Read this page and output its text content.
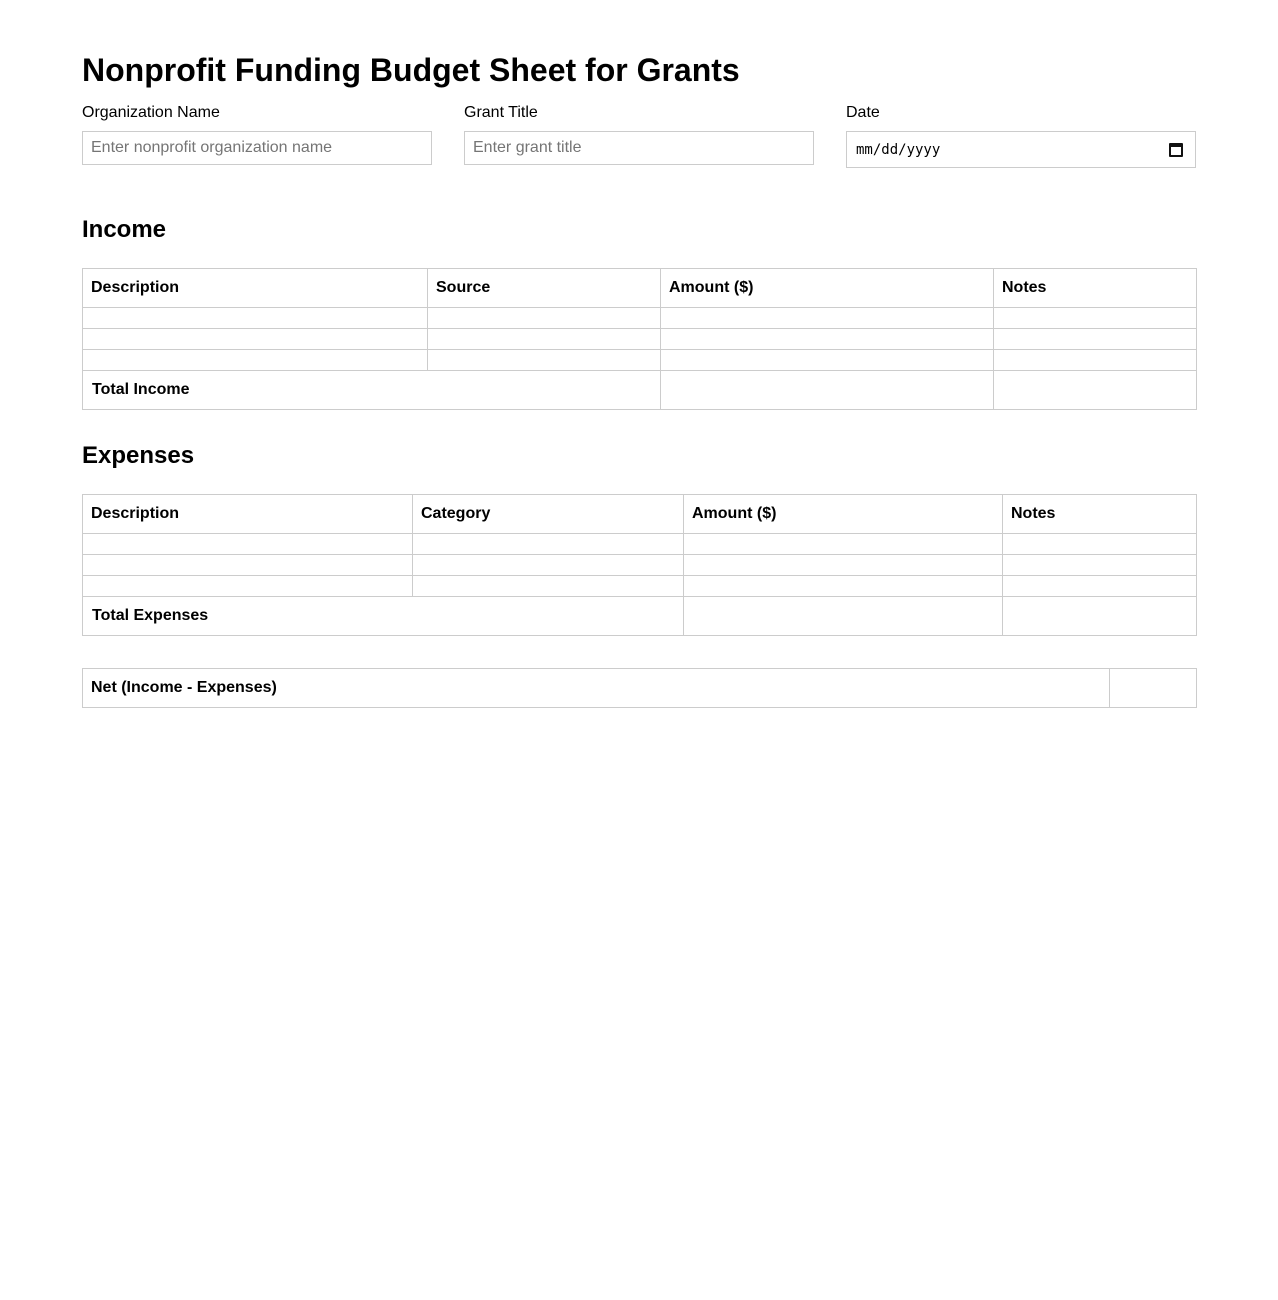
Nonprofit Funding Budget Sheet for Grants
Organization Name
Enter nonprofit organization name	Grant Title
Enter grant title	Date
mm/dd/yyyy
Income
Description	Source	Amount ($)	Notes

Total Income			
Expenses
Description	Category	Amount ($)	Notes

Total Expenses			
Net (Income - Expenses)	
